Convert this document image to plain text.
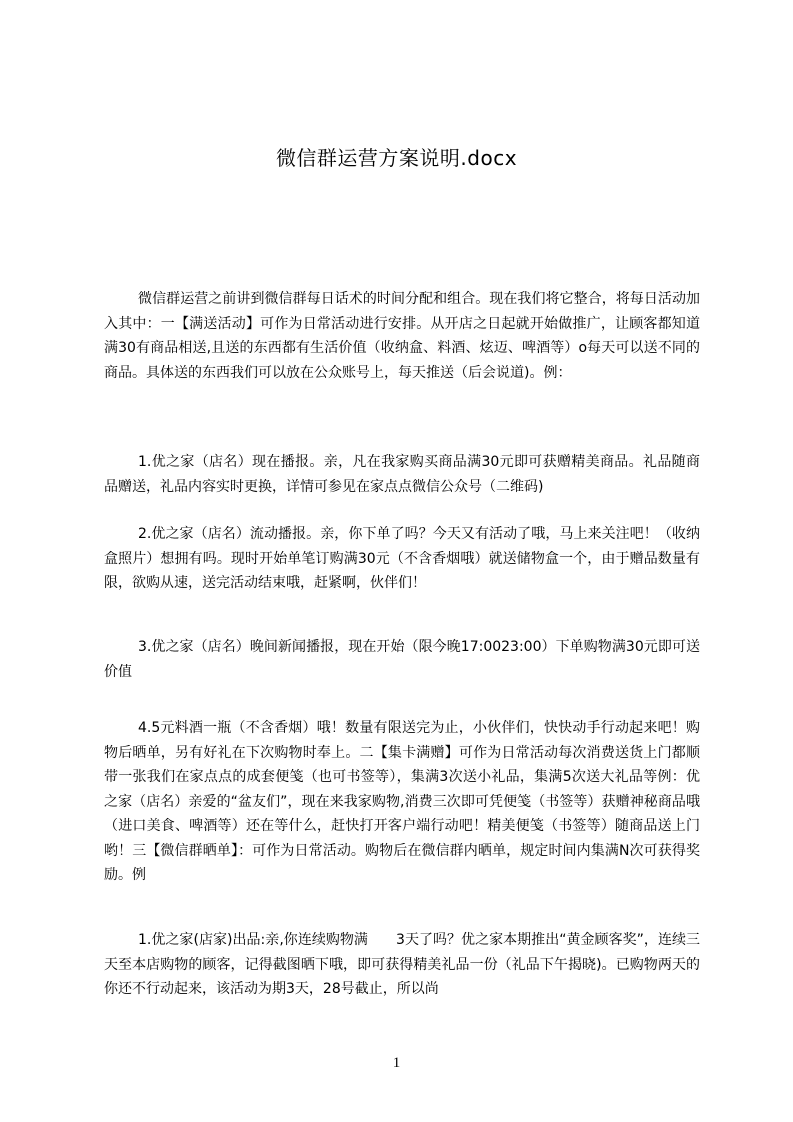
微信群运营方案说明.docx
微信群运营之前讲到微信群每日话术的时间分配和组合。现在我们将它整合，将每日活动加入其中：一【满送活动】可作为日常活动进行安排。从开店之日起就开始做推广，让顾客都知道满30有商品相送,且送的东西都有生活价值（收纳盒、料酒、炫迈、啤酒等）o每天可以送不同的商品。具体送的东西我们可以放在公众账号上，每天推送（后会说道)。例：
1.优之家（店名）现在播报。亲，凡在我家购买商品满30元即可获赠精美商品。礼品随商品赠送，礼品内容实时更换，详情可参见在家点点微信公众号（二维码)
2.优之家（店名）流动播报。亲，你下单了吗？今天又有活动了哦，马上来关注吧！（收纳盒照片）想拥有吗。现时开始单笔订购满30元（不含香烟哦）就送储物盒一个，由于赠品数量有限，欲购从速，送完活动结束哦，赶紧啊，伙伴们！
3.优之家（店名）晚间新闻播报，现在开始（限今晚17:0023:00）下单购物满30元即可送价值
4.5元料酒一瓶（不含香烟）哦！数量有限送完为止，小伙伴们，快快动手行动起来吧！购物后晒单，另有好礼在下次购物时奉上。二【集卡满赠】可作为日常活动每次消费送货上门都顺带一张我们在家点点的成套便笺（也可书签等），集满3次送小礼品，集满5次送大礼品等例：优之家（店名）亲爱的“盆友们”，现在来我家购物,消费三次即可凭便笺（书签等）获赠神秘商品哦（进口美食、啤酒等）还在等什么，赶快打开客户端行动吧！精美便笺（书签等）随商品送上门哟！三【微信群晒单】：可作为日常活动。购物后在微信群内晒单，规定时间内集满N次可获得奖励。例
1.优之家(店家)出品:亲,你连续购物满　　3天了吗？优之家本期推出“黄金顾客奖”，连续三天至本店购物的顾客，记得截图晒下哦，即可获得精美礼品一份（礼品下午揭晓)。已购物两天的你还不行动起来，该活动为期3天，28号截止，所以尚
1
